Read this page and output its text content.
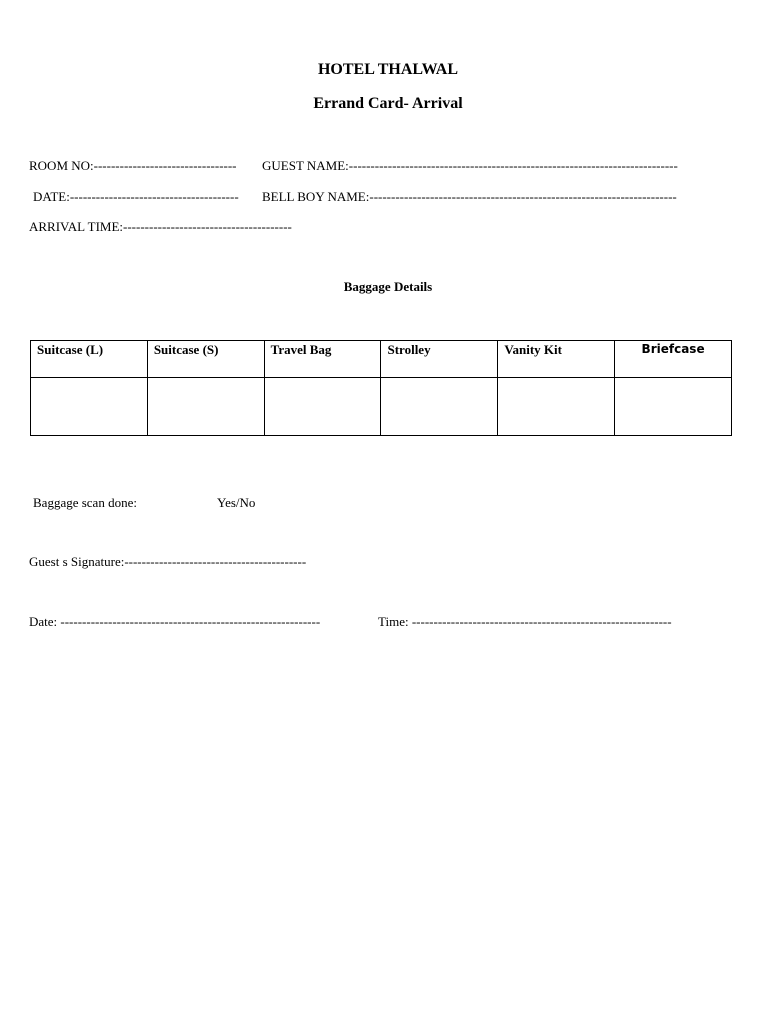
HOTEL THALWAL
Errand Card- Arrival
ROOM NO:--------------------------------- GUEST NAME:----------------------------------------------------------------------------
DATE:--------------------------------------- BELL BOY NAME:-----------------------------------------------------------------------
ARRIVAL TIME:---------------------------------------
Baggage Details
Suitcase (L)	Suitcase (S)	Travel Bag	Strolley	Vanity Kit	Briefcase

Baggage scan done:	Yes/No
Guest s Signature:------------------------------------------
Date: ------------------------------------------------------------	Time: ------------------------------------------------------------
